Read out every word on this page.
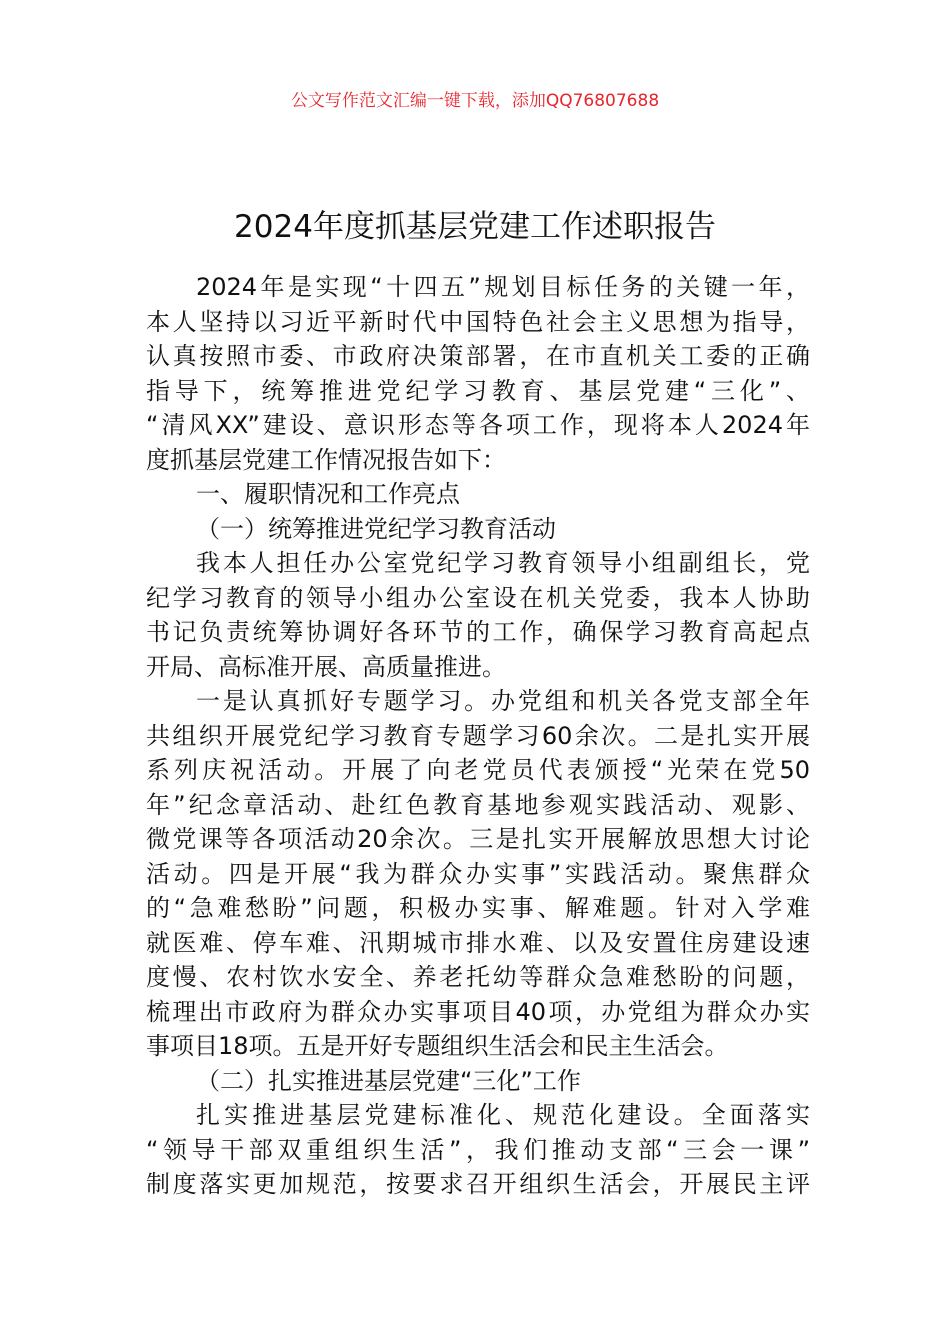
公文写作范文汇编一键下载，添加QQ76807688
2024年度抓基层党建工作述职报告
2024年是实现“十四五”规划目标任务的关键一年，
本人坚持以习近平新时代中国特色社会主义思想为指导，
认真按照市委、市政府决策部署，在市直机关工委的正确
指导下，统筹推进党纪学习教育、基层党建“三化”、
“清风XX”建设、意识形态等各项工作，现将本人2024年
度抓基层党建工作情况报告如下：
一、履职情况和工作亮点
（一）统筹推进党纪学习教育活动
我本人担任办公室党纪学习教育领导小组副组长，党
纪学习教育的领导小组办公室设在机关党委，我本人协助
书记负责统筹协调好各环节的工作，确保学习教育高起点
开局、高标准开展、高质量推进。
一是认真抓好专题学习。办党组和机关各党支部全年
共组织开展党纪学习教育专题学习60余次。二是扎实开展
系列庆祝活动。开展了向老党员代表颁授“光荣在党50
年”纪念章活动、赴红色教育基地参观实践活动、观影、
微党课等各项活动20余次。三是扎实开展解放思想大讨论
活动。四是开展“我为群众办实事”实践活动。聚焦群众
的“急难愁盼”问题，积极办实事、解难题。针对入学难
就医难、停车难、汛期城市排水难、以及安置住房建设速
度慢、农村饮水安全、养老托幼等群众急难愁盼的问题，
梳理出市政府为群众办实事项目40项，办党组为群众办实
事项目18项。五是开好专题组织生活会和民主生活会。
（二）扎实推进基层党建“三化”工作
扎实推进基层党建标准化、规范化建设。全面落实
“领导干部双重组织生活”，我们推动支部“三会一课”
制度落实更加规范，按要求召开组织生活会，开展民主评
